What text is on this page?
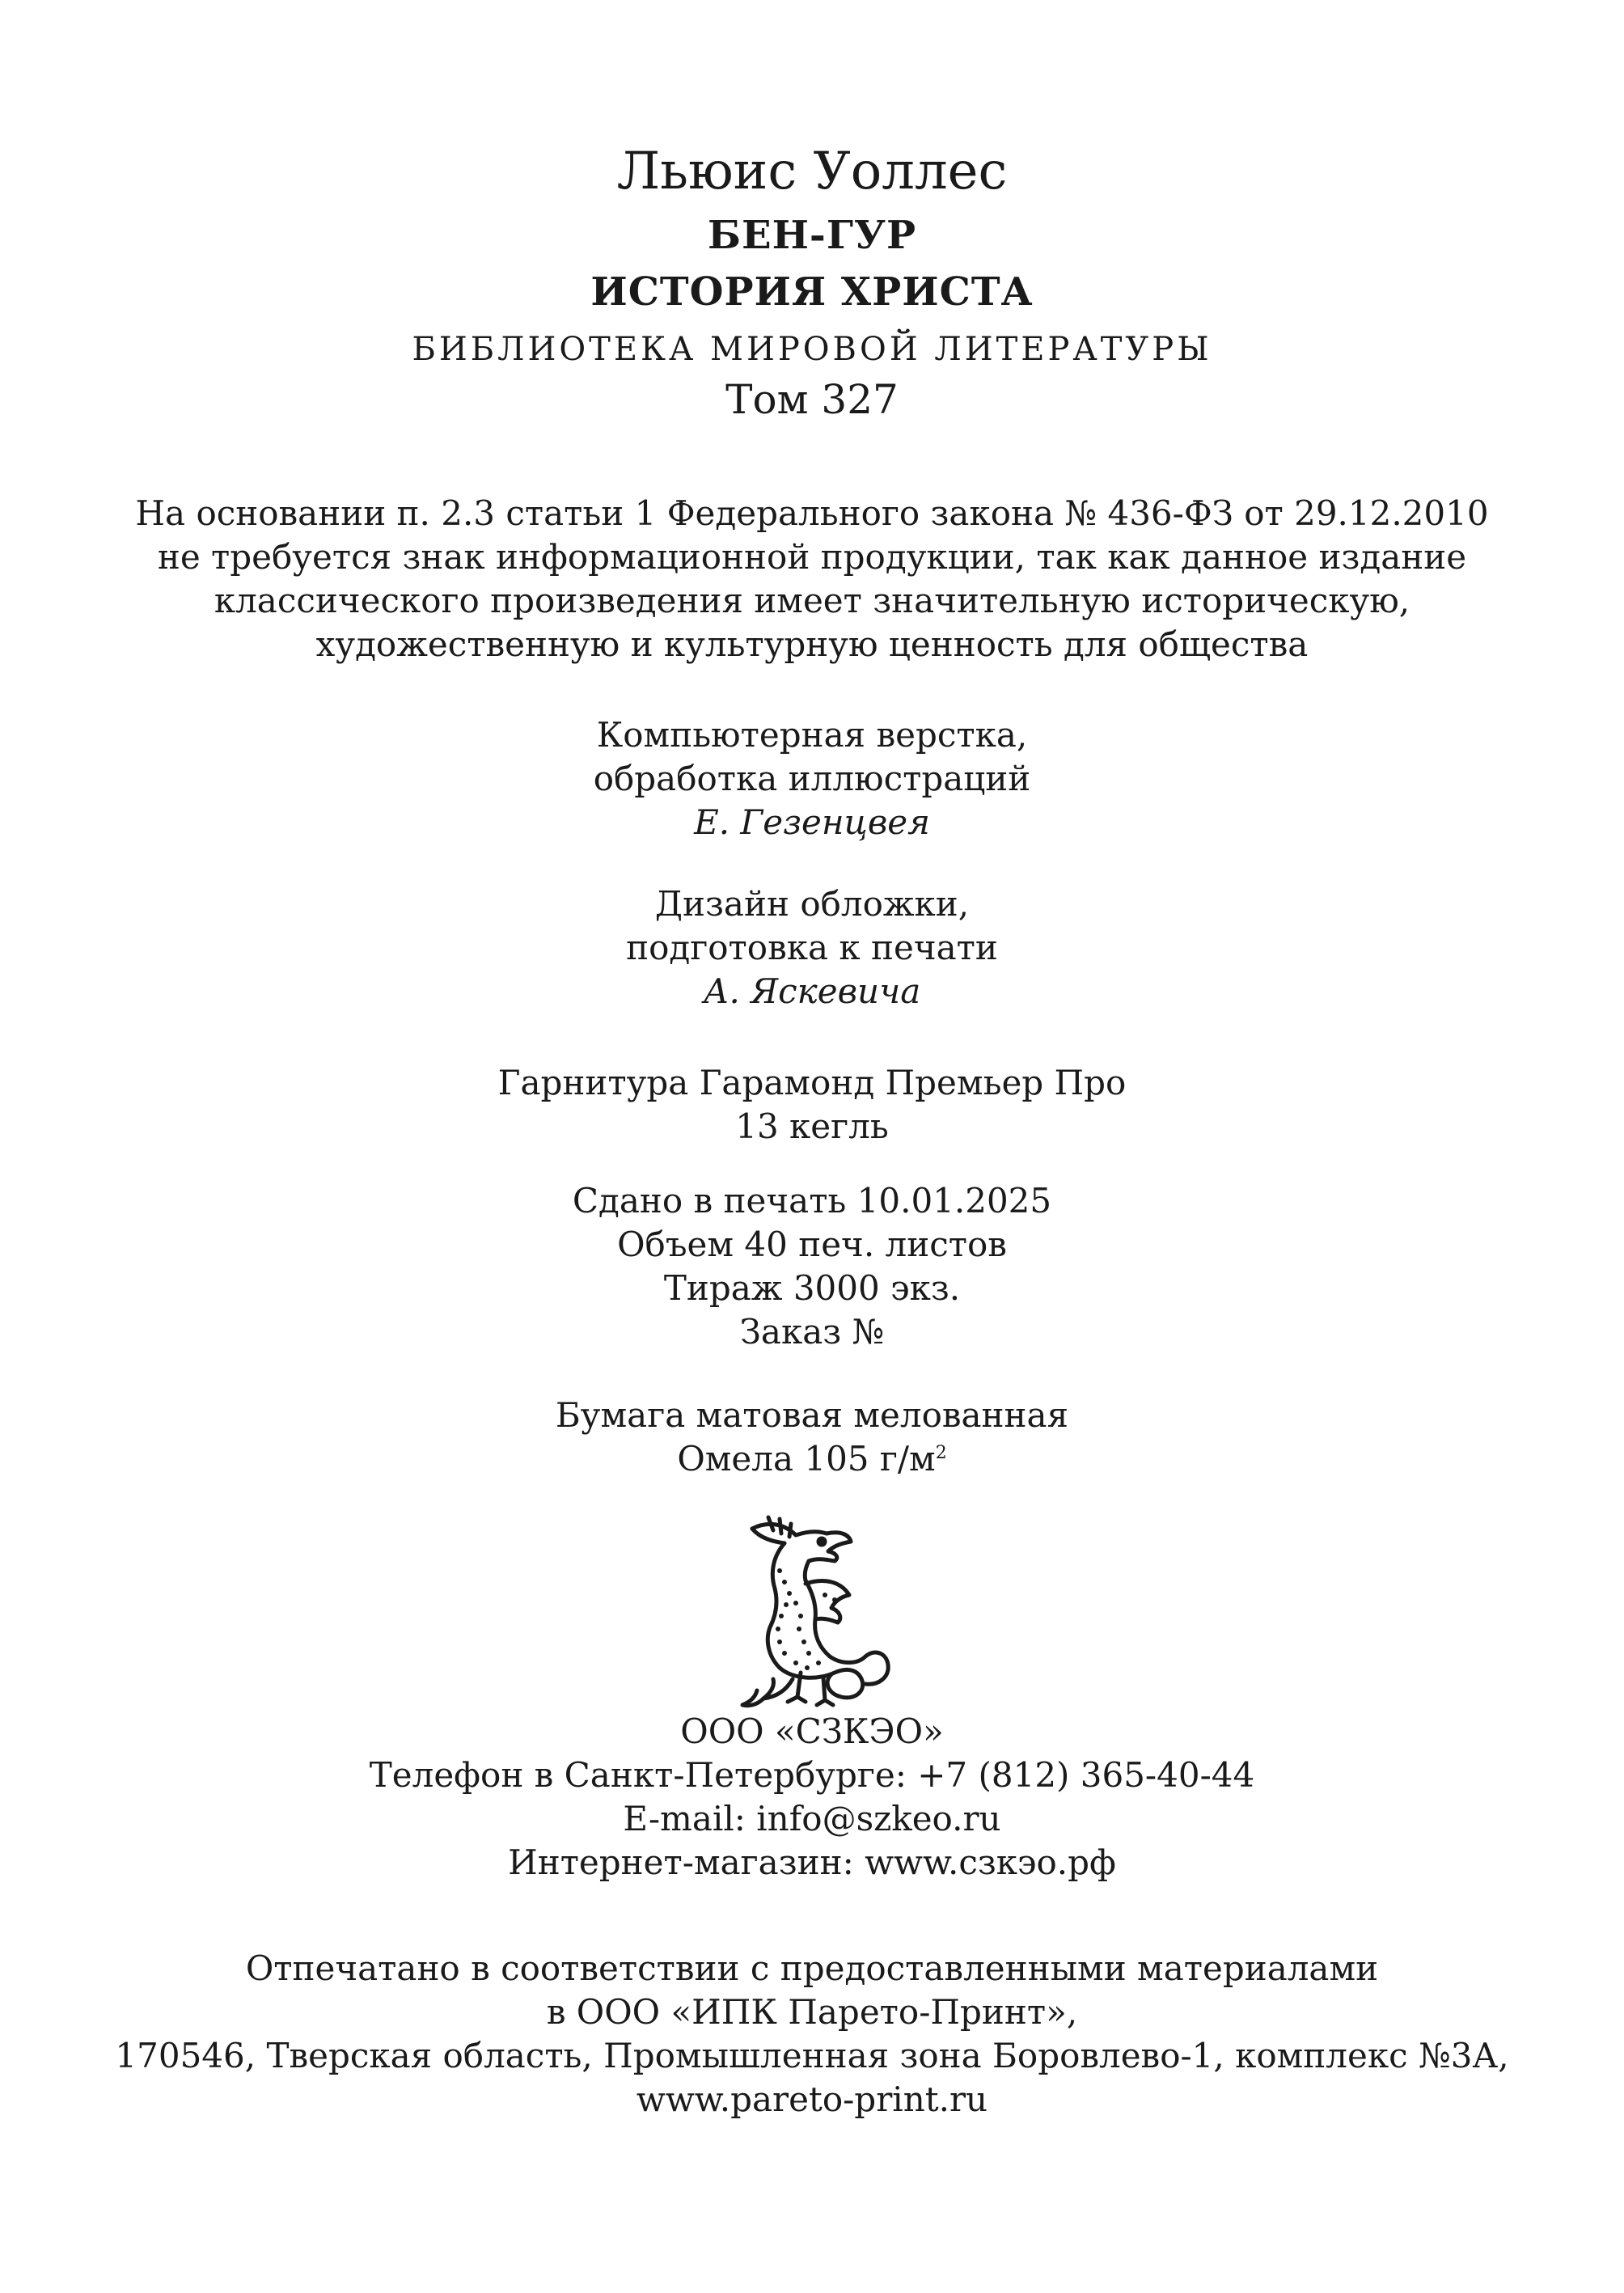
Льюис Уоллес
БЕН-ГУР
ИСТОРИЯ ХРИСТА
БИБЛИОТЕКА МИРОВОЙ ЛИТЕРАТУРЫ
Том 327
На основании п. 2.3 статьи 1 Федерального закона № 436-ФЗ от 29.12.2010
не требуется знак информационной продукции, так как данное издание
классического произведения имеет значительную историческую,
художественную и культурную ценность для общества
Компьютерная верстка,
обработка иллюстраций
Е. Гезенцвея
Дизайн обложки,
подготовка к печати
А. Яскевича
Гарнитура Гарамонд Премьер Про
13 кегль
Сдано в печать 10.01.2025
Объем 40 печ. листов
Тираж 3000 экз.
Заказ №
Бумага матовая мелованная
Омела 105 $г/м^2$
ООО «СЗКЭО»
Телефон в Санкт-Петербурге: +7 (812) 365-40-44
E-mail: info@szkeo.ru
Интернет-магазин: www.сзкэо.рф
Отпечатано в соответствии с предоставленными материалами
в ООО «ИПК Парето-Принт»,
170546, Тверская область, Промышленная зона Боровлево-1, комплекс №3А,
www.pareto-print.ru
